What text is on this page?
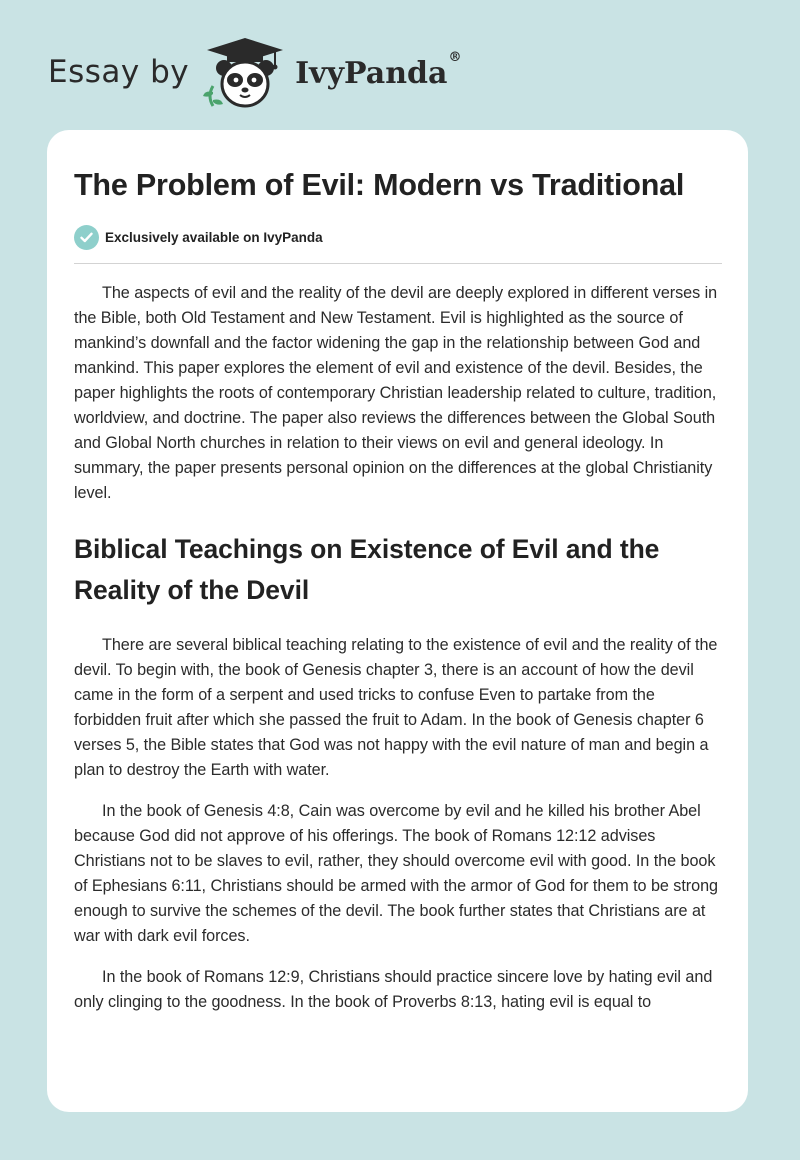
Essay by	IvyPanda®
The Problem of Evil: Modern vs Traditional
Exclusively available on IvyPanda

The aspects of evil and the reality of the devil are deeply explored in different verses in the Bible, both Old Testament and New Testament. Evil is highlighted as the source of mankind’s downfall and the factor widening the gap in the relationship between God and mankind. This paper explores the element of evil and existence of the devil. Besides, the paper highlights the roots of contemporary Christian leadership related to culture, tradition, worldview, and doctrine. The paper also reviews the differences between the Global South and Global North churches in relation to their views on evil and general ideology. In summary, the paper presents personal opinion on the differences at the global Christianity level.

Biblical Teachings on Existence of Evil and the Reality of the Devil

There are several biblical teaching relating to the existence of evil and the reality of the devil. To begin with, the book of Genesis chapter 3, there is an account of how the devil came in the form of a serpent and used tricks to confuse Even to partake from the forbidden fruit after which she passed the fruit to Adam. In the book of Genesis chapter 6 verses 5, the Bible states that God was not happy with the evil nature of man and begin a plan to destroy the Earth with water.

In the book of Genesis 4:8, Cain was overcome by evil and he killed his brother Abel because God did not approve of his offerings. The book of Romans 12:12 advises Christians not to be slaves to evil, rather, they should overcome evil with good. In the book of Ephesians 6:11, Christians should be armed with the armor of God for them to be strong enough to survive the schemes of the devil. The book further states that Christians are at war with dark evil forces.

In the book of Romans 12:9, Christians should practice sincere love by hating evil and only clinging to the goodness. In the book of Proverbs 8:13, hating evil is equal to
